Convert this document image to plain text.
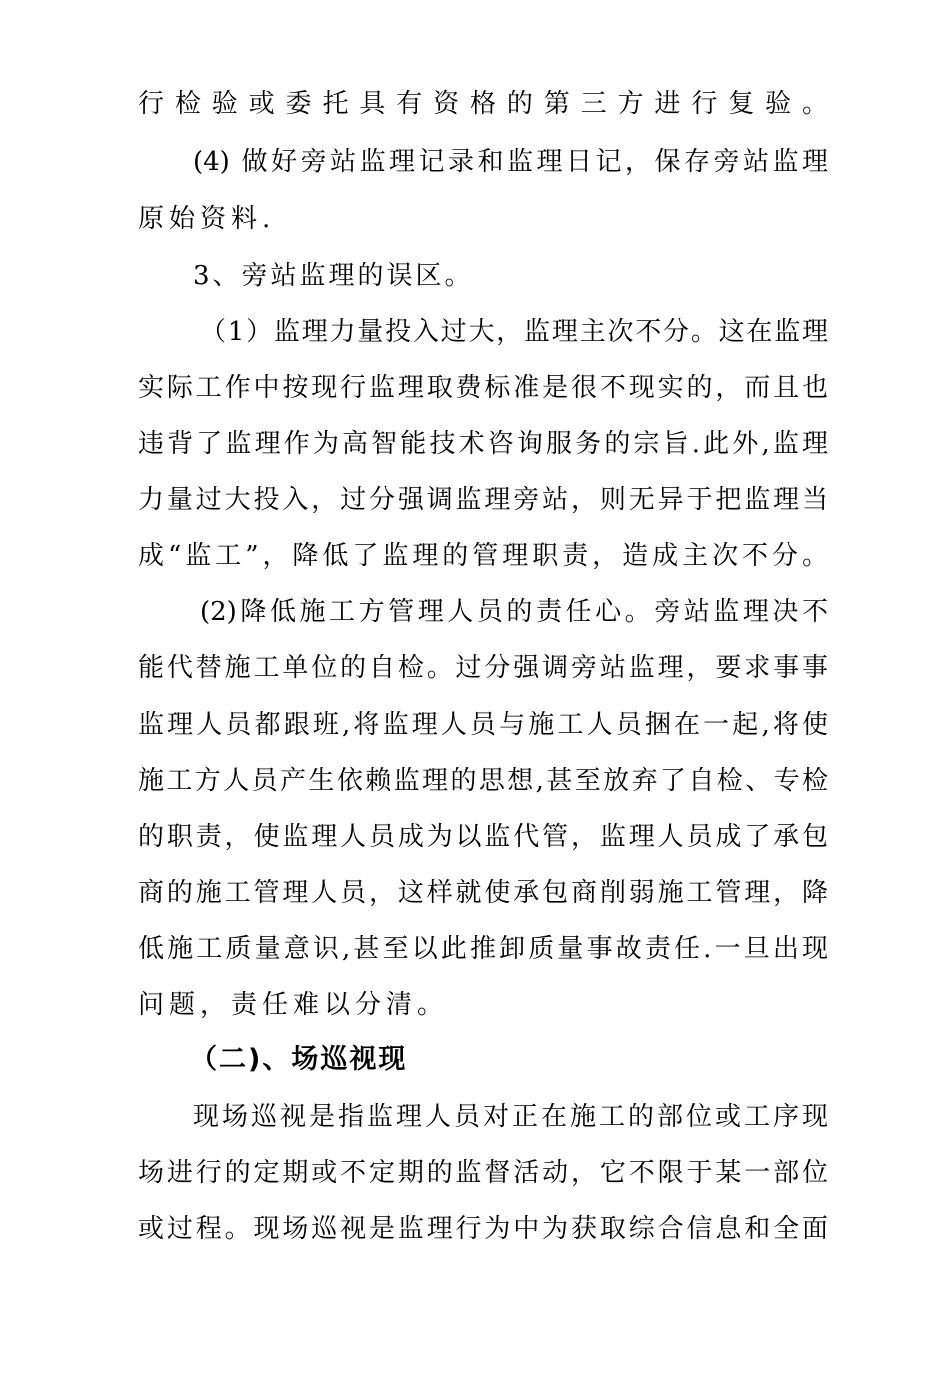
行检验或委托具有资格的第三方进行复验。
(4) 做好旁站监理记录和监理日记，保存旁站监理
原始资料.
3、旁站监理的误区。
（1）监理力量投入过大，监理主次不分。这在监理
实际工作中按现行监理取费标准是很不现实的，而且也
违背了监理作为高智能技术咨询服务的宗旨.此外,监理
力量过大投入，过分强调监理旁站，则无异于把监理当
成“监工”，降低了监理的管理职责，造成主次不分。
(2)降低施工方管理人员的责任心。旁站监理决不
能代替施工单位的自检。过分强调旁站监理，要求事事
监理人员都跟班,将监理人员与施工人员捆在一起,将使
施工方人员产生依赖监理的思想,甚至放弃了自检、专检
的职责，使监理人员成为以监代管，监理人员成了承包
商的施工管理人员，这样就使承包商削弱施工管理，降
低施工质量意识,甚至以此推卸质量事故责任.一旦出现
问题，责任难以分清。
（二)、场巡视现
现场巡视是指监理人员对正在施工的部位或工序现
场进行的定期或不定期的监督活动，它不限于某一部位
或过程。现场巡视是监理行为中为获取综合信息和全面
